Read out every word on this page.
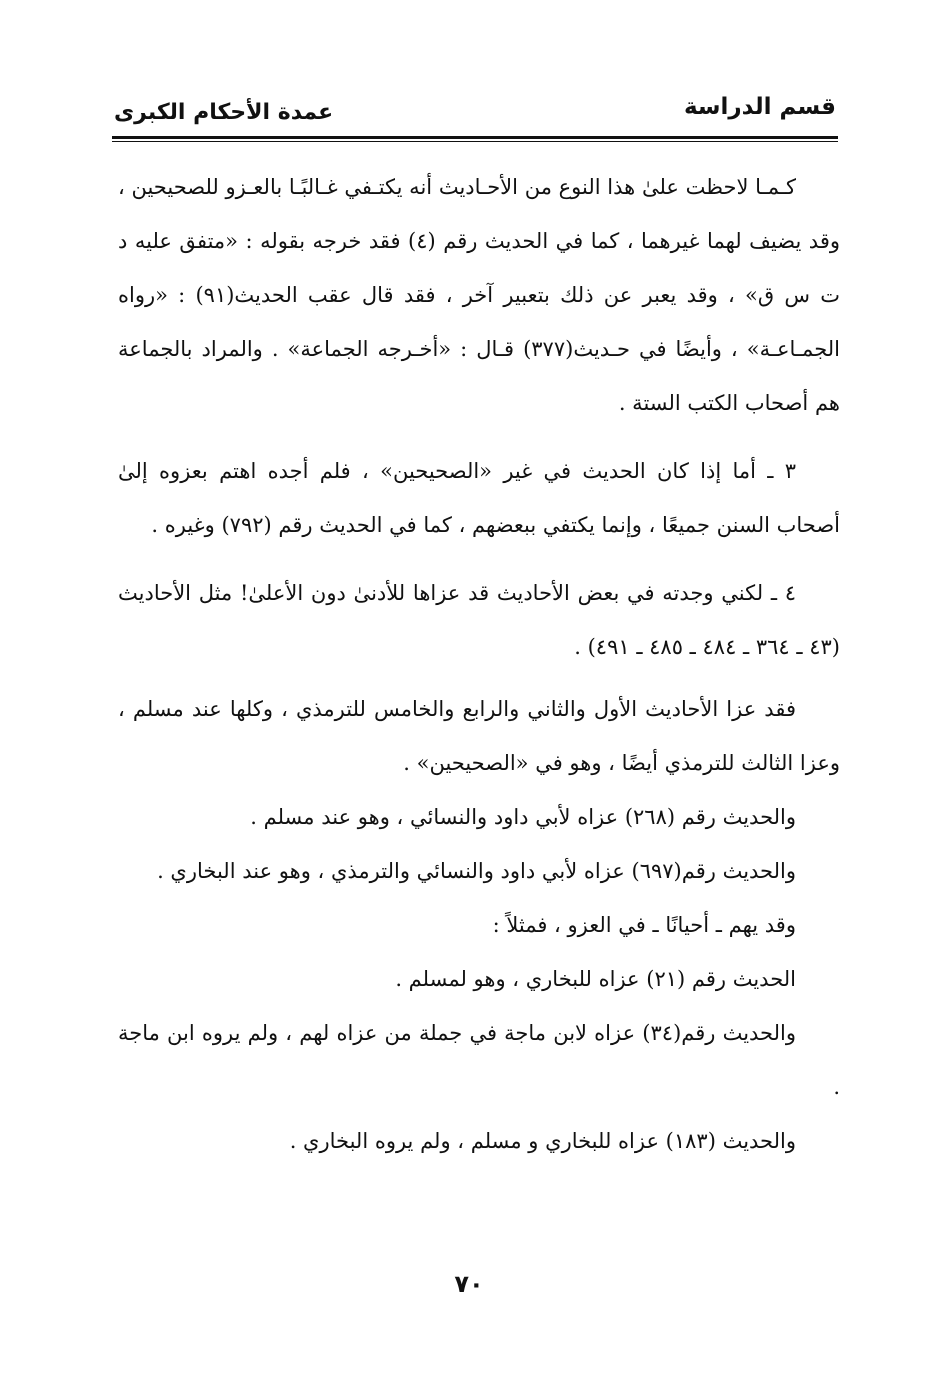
قسم الدراسة
عمدة الأحكام الكبرى

كـمـا لاحظت علىٰ هذا النوع من الأحـاديث أنه يكتـفي غـالبًـا بالعـزو للصحيحين ، وقد يضيف لهما غيرهما ، كما في الحديث رقم (٤) فقد خرجه بقوله : «متفق عليه د ت س ق» ، وقد يعبر عن ذلك بتعبير آخر ، فقد قال عقب الحديث(٩١) : «رواه الجمـاعـة» ، وأيضًا في حـديث(٣٧٧) قـال : «أخـرجه الجماعة» . والمراد بالجماعة هم أصحاب الكتب الستة .

٣ ـ أما إذا كان الحديث في غير «الصحيحين» ، فلم أجده اهتم بعزوه إلىٰ أصحاب السنن جميعًا ، وإنما يكتفي ببعضهم ، كما في الحديث رقم (٧٩٢) وغيره .

٤ ـ لكني وجدته في بعض الأحاديث قد عزاها للأدنىٰ دون الأعلىٰ! مثل الأحاديث (٤٣ ـ ٣٦٤ ـ ٤٨٤ ـ ٤٨٥ ـ ٤٩١) .

فقد عزا الأحاديث الأول والثاني والرابع والخامس للترمذي ، وكلها عند مسلم ، وعزا الثالث للترمذي أيضًا ، وهو في «الصحيحين» .

والحديث رقم (٢٦٨) عزاه لأبي داود والنسائي ، وهو عند مسلم .

والحديث رقم(٦٩٧) عزاه لأبي داود والنسائي والترمذي ، وهو عند البخاري .

وقد يهم ـ أحيانًا ـ في العزو ، فمثلاً :

الحديث رقم (٢١) عزاه للبخاري ، وهو لمسلم .

والحديث رقم(٣٤) عزاه لابن ماجة في جملة من عزاه لهم ، ولم يروه ابن ماجة .

والحديث (١٨٣) عزاه للبخاري و مسلم ، ولم يروه البخاري .

٧٠
